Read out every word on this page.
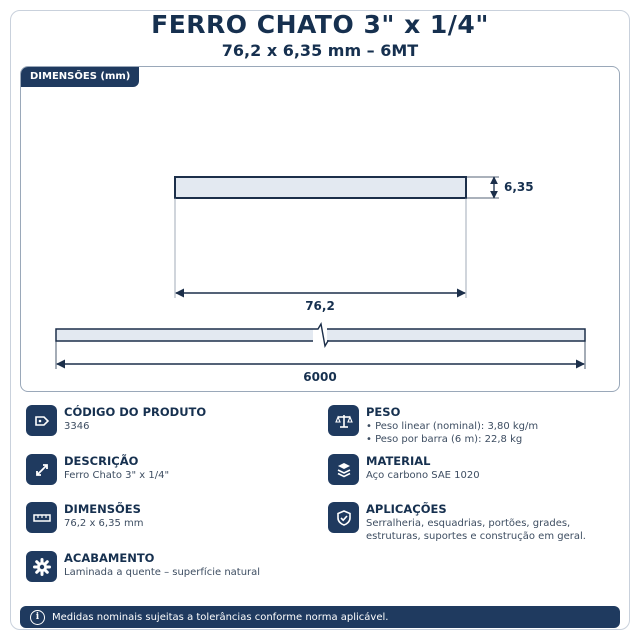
FERRO CHATO 3" x 1/4"
76,2 x 6,35 mm – 6MT
6,35
76,2
6000
DIMENSÕES (mm)
CÓDIGO DO PRODUTO
3346
DESCRIÇÃO
Ferro Chato 3" x 1/4"
DIMENSÕES
76,2 x 6,35 mm
ACABAMENTO
Laminada a quente – superfície natural
PESO
• Peso linear (nominal): 3,80 kg/m
• Peso por barra (6 m): 22,8 kg
MATERIAL
Aço carbono SAE 1020
APLICAÇÕES
Serralheria, esquadrias, portões, grades,
estruturas, suportes e construção em geral.
i	Medidas nominais sujeitas a tolerâncias conforme norma aplicável.
